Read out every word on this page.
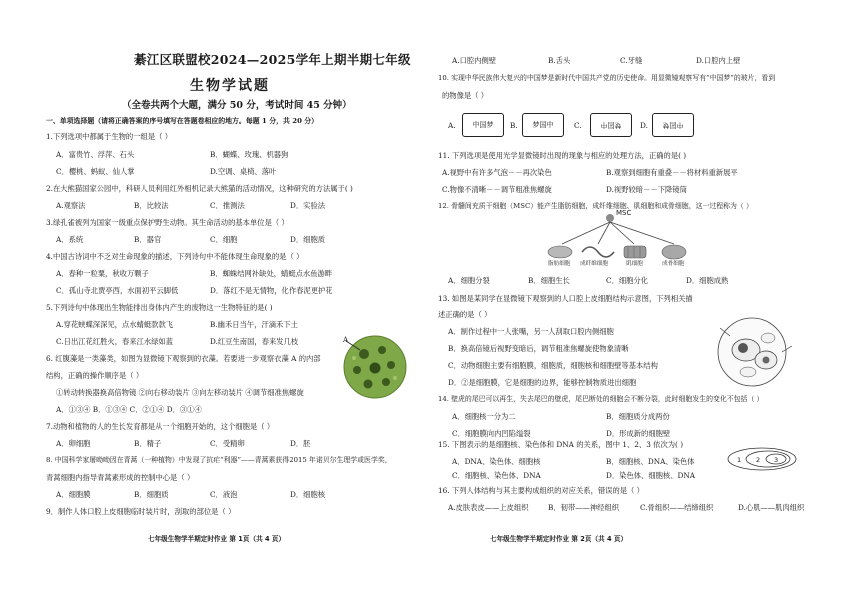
綦江区联盟校2024—2025学年上期半期七年级
生物学试题
（全卷共两个大题，满分 50 分，考试时间 45 分钟）
一、单项选择题（请将正确答案的序号填写在答题卷相应的地方。每题 1 分，共 20 分）
1.下列选项中都属于生物的一组是（ ）
A．富贵竹、浮萍、石头	B．蝴蝶、玫瑰、机器狗
C．樱桃、蚂蚁、仙人掌	D.空调、桌椅、落叶
2.在大熊猫国家公园中，科研人员利用红外相机记录大熊猫的活动情况，这种研究的方法属于( )
A.观察法	B．比较法	C．推测法	D．实验法
3.绿孔雀被列为国家一级重点保护野生动物。其生命活动的基本单位是（ ）
A．系统	B．器官	C．细胞	D．细胞质
4.中国古诗词中不乏对生命现象的描述，下列诗句中不能体现生命现象的是（ ）
A．春种一粒粟，秋收万颗子	B．蜘蛛结网补缺处，蜻蜓点水鱼游畔
C．孤山寺北贾亭西，水面初平云脚低	D．落红不是无情物，化作春泥更护花
5.下列诗句中体现出生物能排出身体内产生的废物这一生物特征的是( )
A.穿花蛱蝶深深见，点水蜻蜓款款飞	B.幽禾日当午，汗滴禾下土
C.日出江花红胜火，春来江水绿如蓝	D.红豆生南国，春来发几枝
6. 红腹藻是一类藻类，如图为显微镜下观察到的衣藻。若要进一步观察衣藻 A 的内部
结构，正确的操作顺序是（ ）
①转动转换器换高倍物镜 ②向右移动装片 ③向左移动装片 ④调节细准焦螺旋
A．①③④ B．①③④ C．②①④ D．③①④
A
7.动物和植物的人的生长发育都是从一个细胞开始的，这个细胞是（ ）
A．卵细胞	B．精子	C．受精卵	D．胚
8. 中国科学家屠呦呦因在青蒿（一种植物）中发现了抗疟“利器”——青蒿素获得2015 年诺贝尔生理学或医学奖，
青蒿细胞内指导青蒿素形成的控制中心是（ ）
A．细胞膜	B．细胞质	C．液泡	D．细胞核
9．制作人体口腔上皮细胞临时装片时，刮取的部位是（ ）
七年级生物学半期定时作业 第 1页（共 4 页）
A.口腔内侧壁	B.舌头	C.牙缝	D.口腔内上壁
10. 实现中华民族伟大复兴的中国梦是新时代中国共产党的历史使命。用显微镜观察写有“中国梦”的玻片，看到
的物像是（ ）
A. 中国梦 B. 梦国中	C.	中国梦	D. 梦国中
11. 下列选项是使用光学显微镜时出现的现象与相应的处理方法，正确的是( )
A.视野中有许多气泡－－再次染色	B.观察到细胞有重叠－－将材料重新展平
C.物像不清晰－－调节粗准焦螺旋	D.视野较暗－－下降镜筒
12. 骨髓间充质干细胞（MSC）能产生脂肪细胞，成纤维细胞、肌细胞和成骨细胞，这一过程称为（ ）
MSC
脂肪细胞 成纤维细胞	肌细胞	成骨细胞
A．细胞分裂	B．细胞生长	C．细胞分化	D．细胞成熟
13. 如图是某同学在显微镜下观察到的人口腔上皮细胞结构示意图，下列相关描
述正确的是（ ）
A．制作过程中一人张嘴，另一人刮取口腔内侧细胞
B．换高倍镜后视野变暗后，调节粗准焦螺旋使物象清晰
C．动物细胞主要有细胞膜，细胞质，细胞核和细胞壁等基本结构
D．②是细胞膜，它是细胞的边界，能够控制物质进出细胞
14. 壁虎的尾巴可以再生，失去尾巴的壁虎，尾巴断处的细胞会不断分裂，此时细胞发生的变化不包括（ ）
A．细胞核一分为二	B．细胞质分成两份
C．细胞膜向内凹陷缢裂	D．形成新的细胞壁
15. 下图表示的是细胞核、染色体和 DNA 的关系，图中 1、2、3 依次为( )
1 2 3
A．DNA、染色体、细胞核	B．细胞核、DNA、染色体
C．细胞核、染色体、DNA	D．染色体、细胞核、DNA
16. 下列人体结构与其主要构成组织的对应关系，错误的是（ ）
A.皮肤表皮——上皮组织	B．韧带——神经组织	C.骨组织——结缔组织	D.心肌——肌肉组织
七年级生物学半期定时作业 第 2页（共 4 页）
